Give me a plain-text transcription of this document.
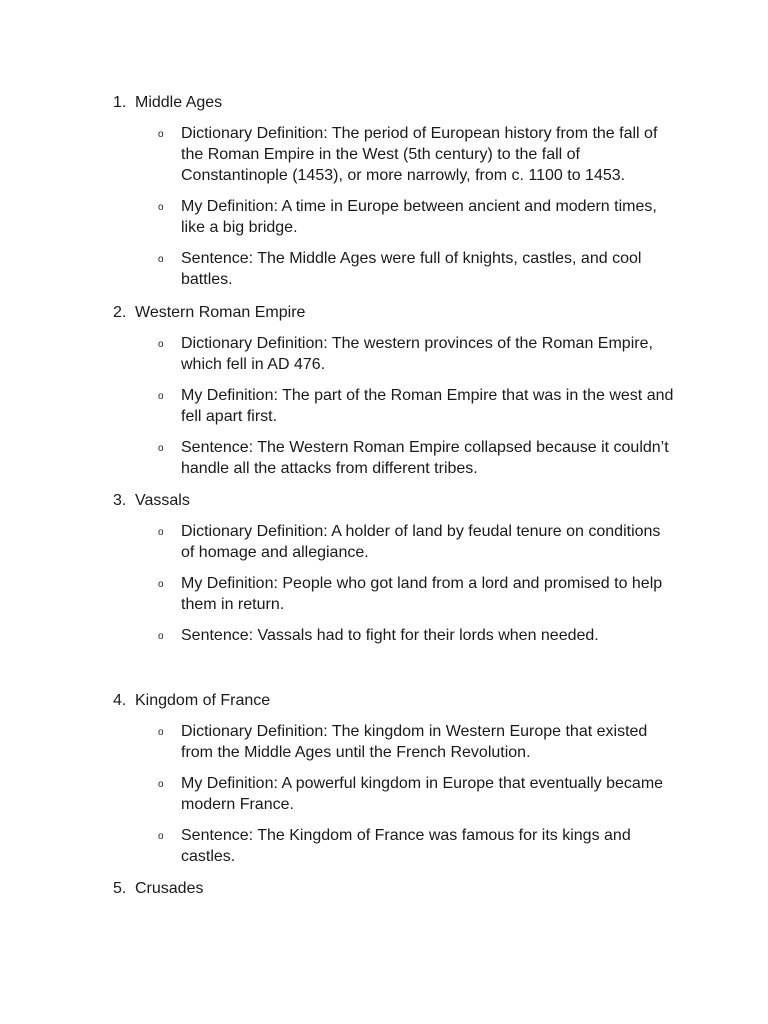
1. Middle Ages
o	Dictionary Definition: The period of European history from the fall of the Roman Empire in the West (5th century) to the fall of Constantinople (1453), or more narrowly, from c. 1100 to 1453.
o	My Definition: A time in Europe between ancient and modern times, like a big bridge.
o	Sentence: The Middle Ages were full of knights, castles, and cool battles.
2. Western Roman Empire
o	Dictionary Definition: The western provinces of the Roman Empire, which fell in AD 476.
o	My Definition: The part of the Roman Empire that was in the west and fell apart first.
o	Sentence: The Western Roman Empire collapsed because it couldn’t handle all the attacks from different tribes.
3. Vassals
o	Dictionary Definition: A holder of land by feudal tenure on conditions of homage and allegiance.
o	My Definition: People who got land from a lord and promised to help them in return.
o	Sentence: Vassals had to fight for their lords when needed.
4. Kingdom of France
o	Dictionary Definition: The kingdom in Western Europe that existed from the Middle Ages until the French Revolution.
o	My Definition: A powerful kingdom in Europe that eventually became modern France.
o	Sentence: The Kingdom of France was famous for its kings and castles.
5. Crusades
